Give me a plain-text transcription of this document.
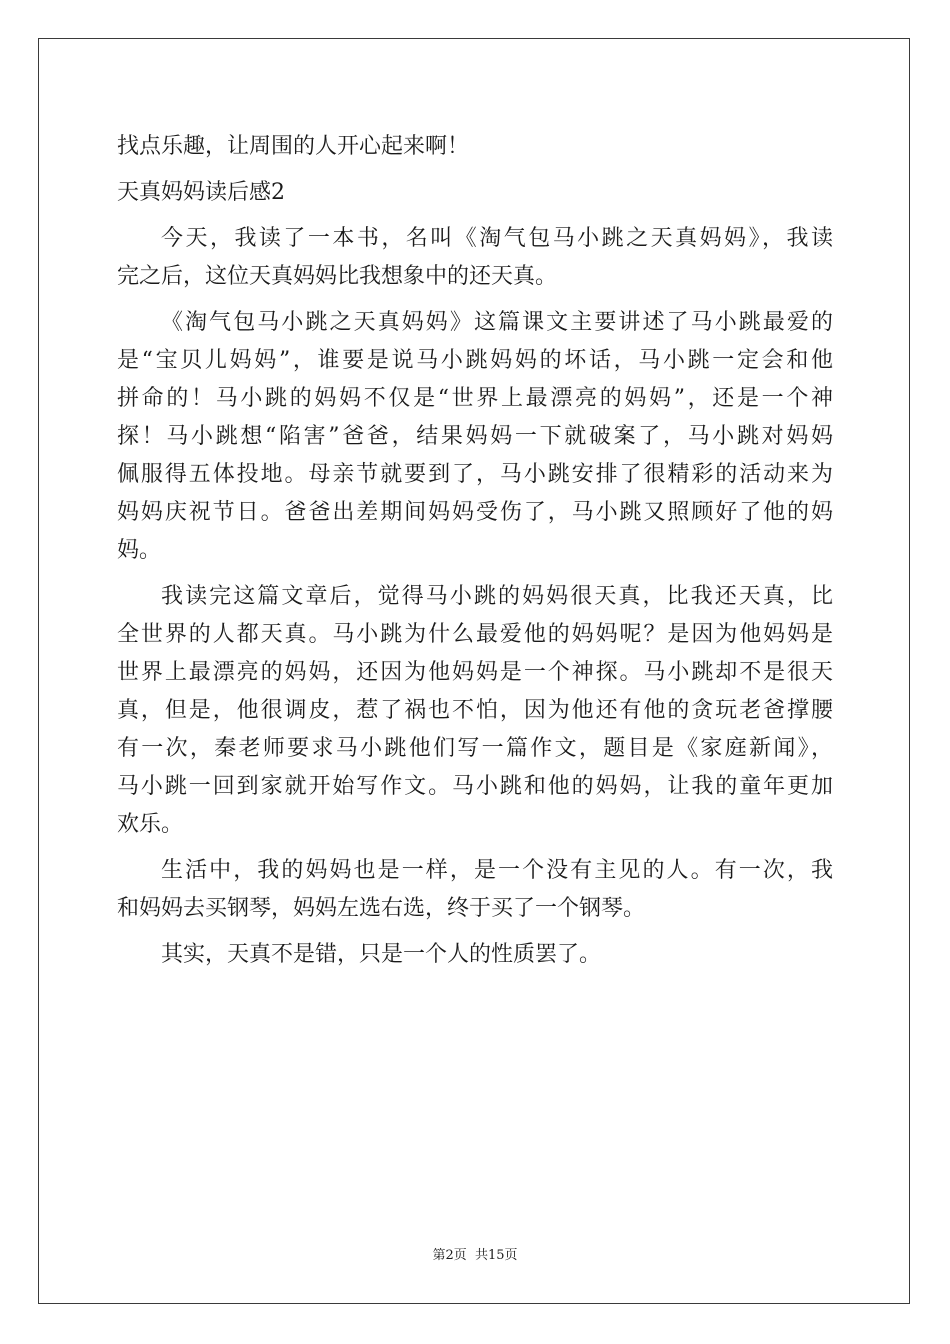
找点乐趣，让周围的人开心起来啊！

天真妈妈读后感2

今天，我读了一本书，名叫《淘气包马小跳之天真妈妈》，我读
完之后，这位天真妈妈比我想象中的还天真。

《淘气包马小跳之天真妈妈》这篇课文主要讲述了马小跳最爱的
是“宝贝儿妈妈”，谁要是说马小跳妈妈的坏话，马小跳一定会和他
拼命的！马小跳的妈妈不仅是“世界上最漂亮的妈妈”，还是一个神
探！马小跳想“陷害”爸爸，结果妈妈一下就破案了，马小跳对妈妈
佩服得五体投地。母亲节就要到了，马小跳安排了很精彩的活动来为
妈妈庆祝节日。爸爸出差期间妈妈受伤了，马小跳又照顾好了他的妈
妈。

我读完这篇文章后，觉得马小跳的妈妈很天真，比我还天真，比
全世界的人都天真。马小跳为什么最爱他的妈妈呢？是因为他妈妈是
世界上最漂亮的妈妈，还因为他妈妈是一个神探。马小跳却不是很天
真，但是，他很调皮，惹了祸也不怕，因为他还有他的贪玩老爸撑腰
有一次，秦老师要求马小跳他们写一篇作文，题目是《家庭新闻》，
马小跳一回到家就开始写作文。马小跳和他的妈妈，让我的童年更加
欢乐。

生活中，我的妈妈也是一样，是一个没有主见的人。有一次，我
和妈妈去买钢琴，妈妈左选右选，终于买了一个钢琴。

其实，天真不是错，只是一个人的性质罢了。

第2页 共15页
